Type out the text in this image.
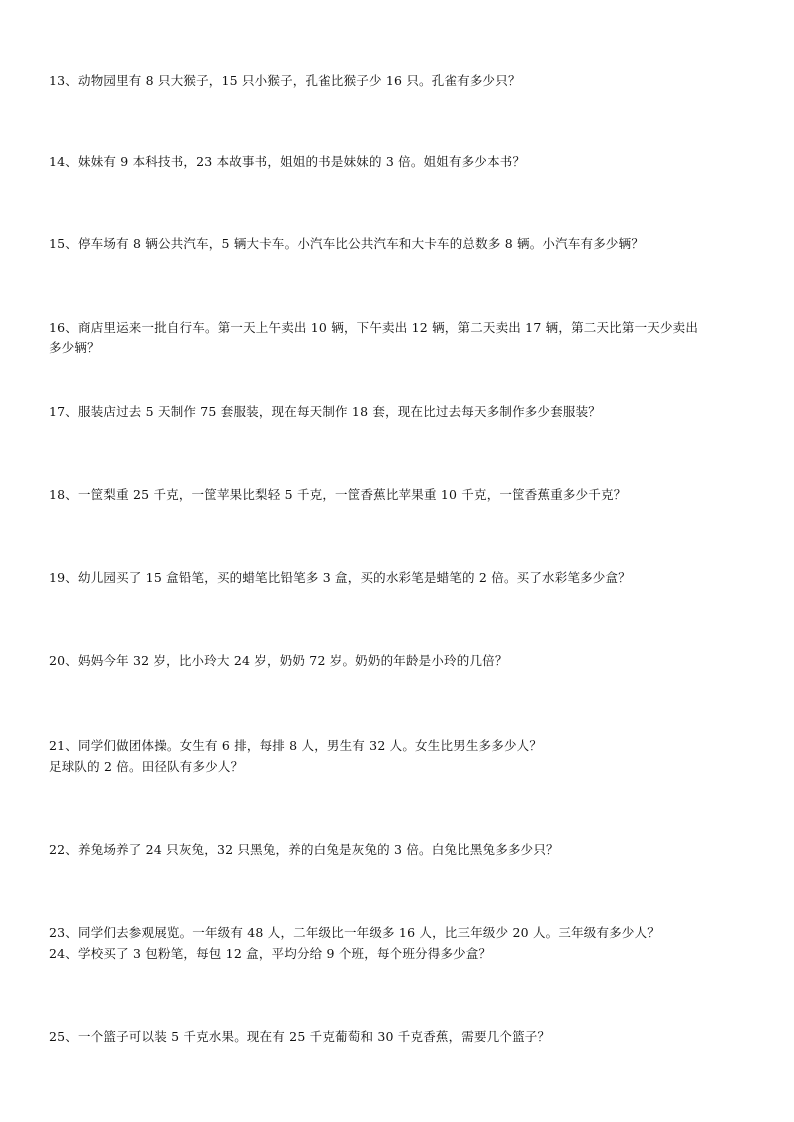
13、动物园里有 8 只大猴子，15 只小猴子，孔雀比猴子少 16 只。孔雀有多少只？
14、妹妹有 9 本科技书，23 本故事书，姐姐的书是妹妹的 3 倍。姐姐有多少本书？
15、停车场有 8 辆公共汽车，5 辆大卡车。小汽车比公共汽车和大卡车的总数多 8 辆。小汽车有多少辆？
16、商店里运来一批自行车。第一天上午卖出 10 辆，下午卖出 12 辆，第二天卖出 17 辆，第二天比第一天少卖出
多少辆？
17、服装店过去 5 天制作 75 套服装，现在每天制作 18 套，现在比过去每天多制作多少套服装？
18、一筐梨重 25 千克，一筐苹果比梨轻 5 千克，一筐香蕉比苹果重 10 千克，一筐香蕉重多少千克？
19、幼儿园买了 15 盒铅笔，买的蜡笔比铅笔多 3 盒，买的水彩笔是蜡笔的 2 倍。买了水彩笔多少盒？
20、妈妈今年 32 岁，比小玲大 24 岁，奶奶 72 岁。奶奶的年龄是小玲的几倍？
21、同学们做团体操。女生有 6 排，每排 8 人，男生有 32 人。女生比男生多多少人？
足球队的 2 倍。田径队有多少人？
22、养兔场养了 24 只灰兔，32 只黑兔，养的白兔是灰兔的 3 倍。白兔比黑兔多多少只？
23、同学们去参观展览。一年级有 48 人，二年级比一年级多 16 人，比三年级少 20 人。三年级有多少人？
24、学校买了 3 包粉笔，每包 12 盒，平均分给 9 个班，每个班分得多少盒？
25、一个篮子可以装 5 千克水果。现在有 25 千克葡萄和 30 千克香蕉，需要几个篮子？
